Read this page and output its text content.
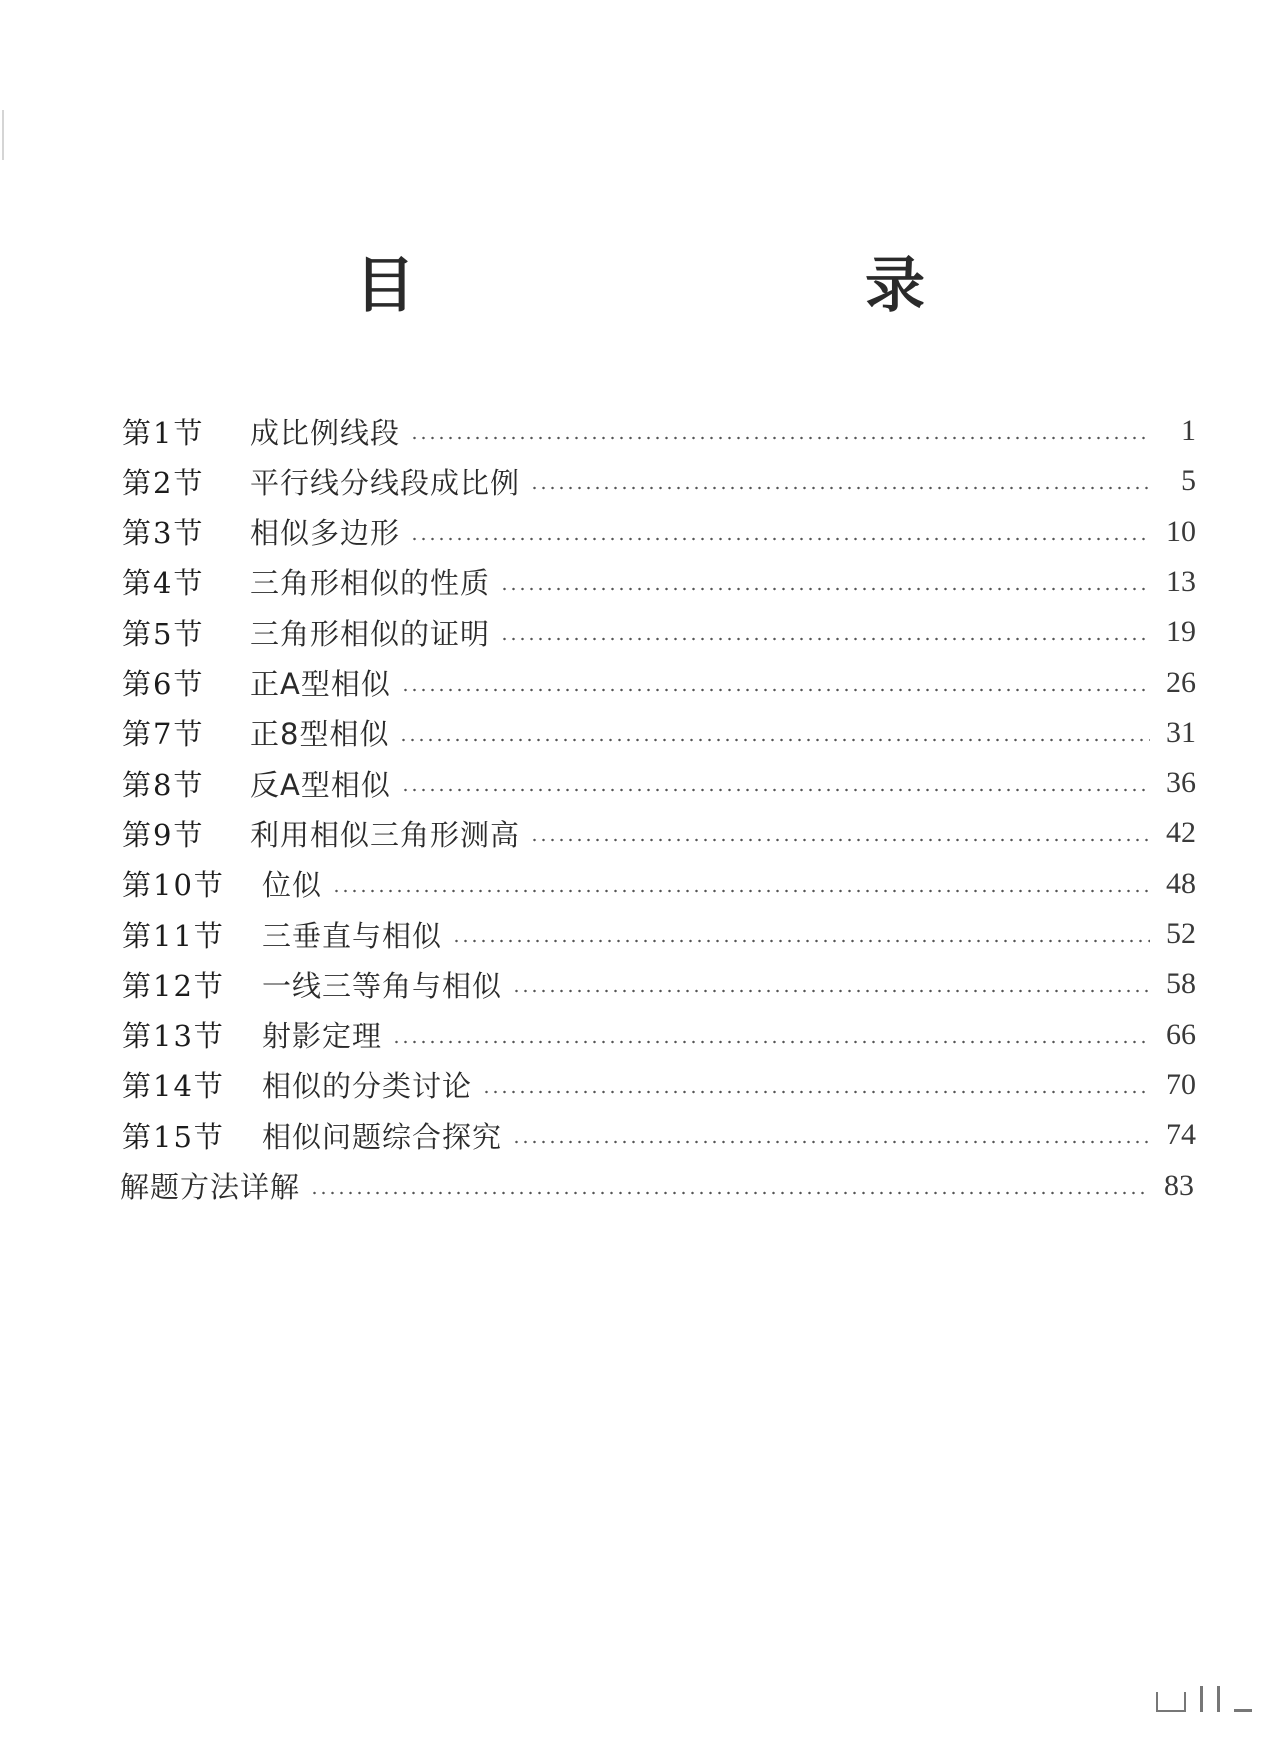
目　　录
第1节	成比例线段	1
第2节	平行线分线段成比例	5
第3节	相似多边形	10
第4节	三角形相似的性质	13
第5节	三角形相似的证明	19
第6节	正A型相似	26
第7节	正8型相似	31
第8节	反A型相似	36
第9节	利用相似三角形测高	42
第10节	位似	48
第11节	三垂直与相似	52
第12节	一线三等角与相似	58
第13节	射影定理	66
第14节	相似的分类讨论	70
第15节	相似问题综合探究	74
解题方法详解	83
